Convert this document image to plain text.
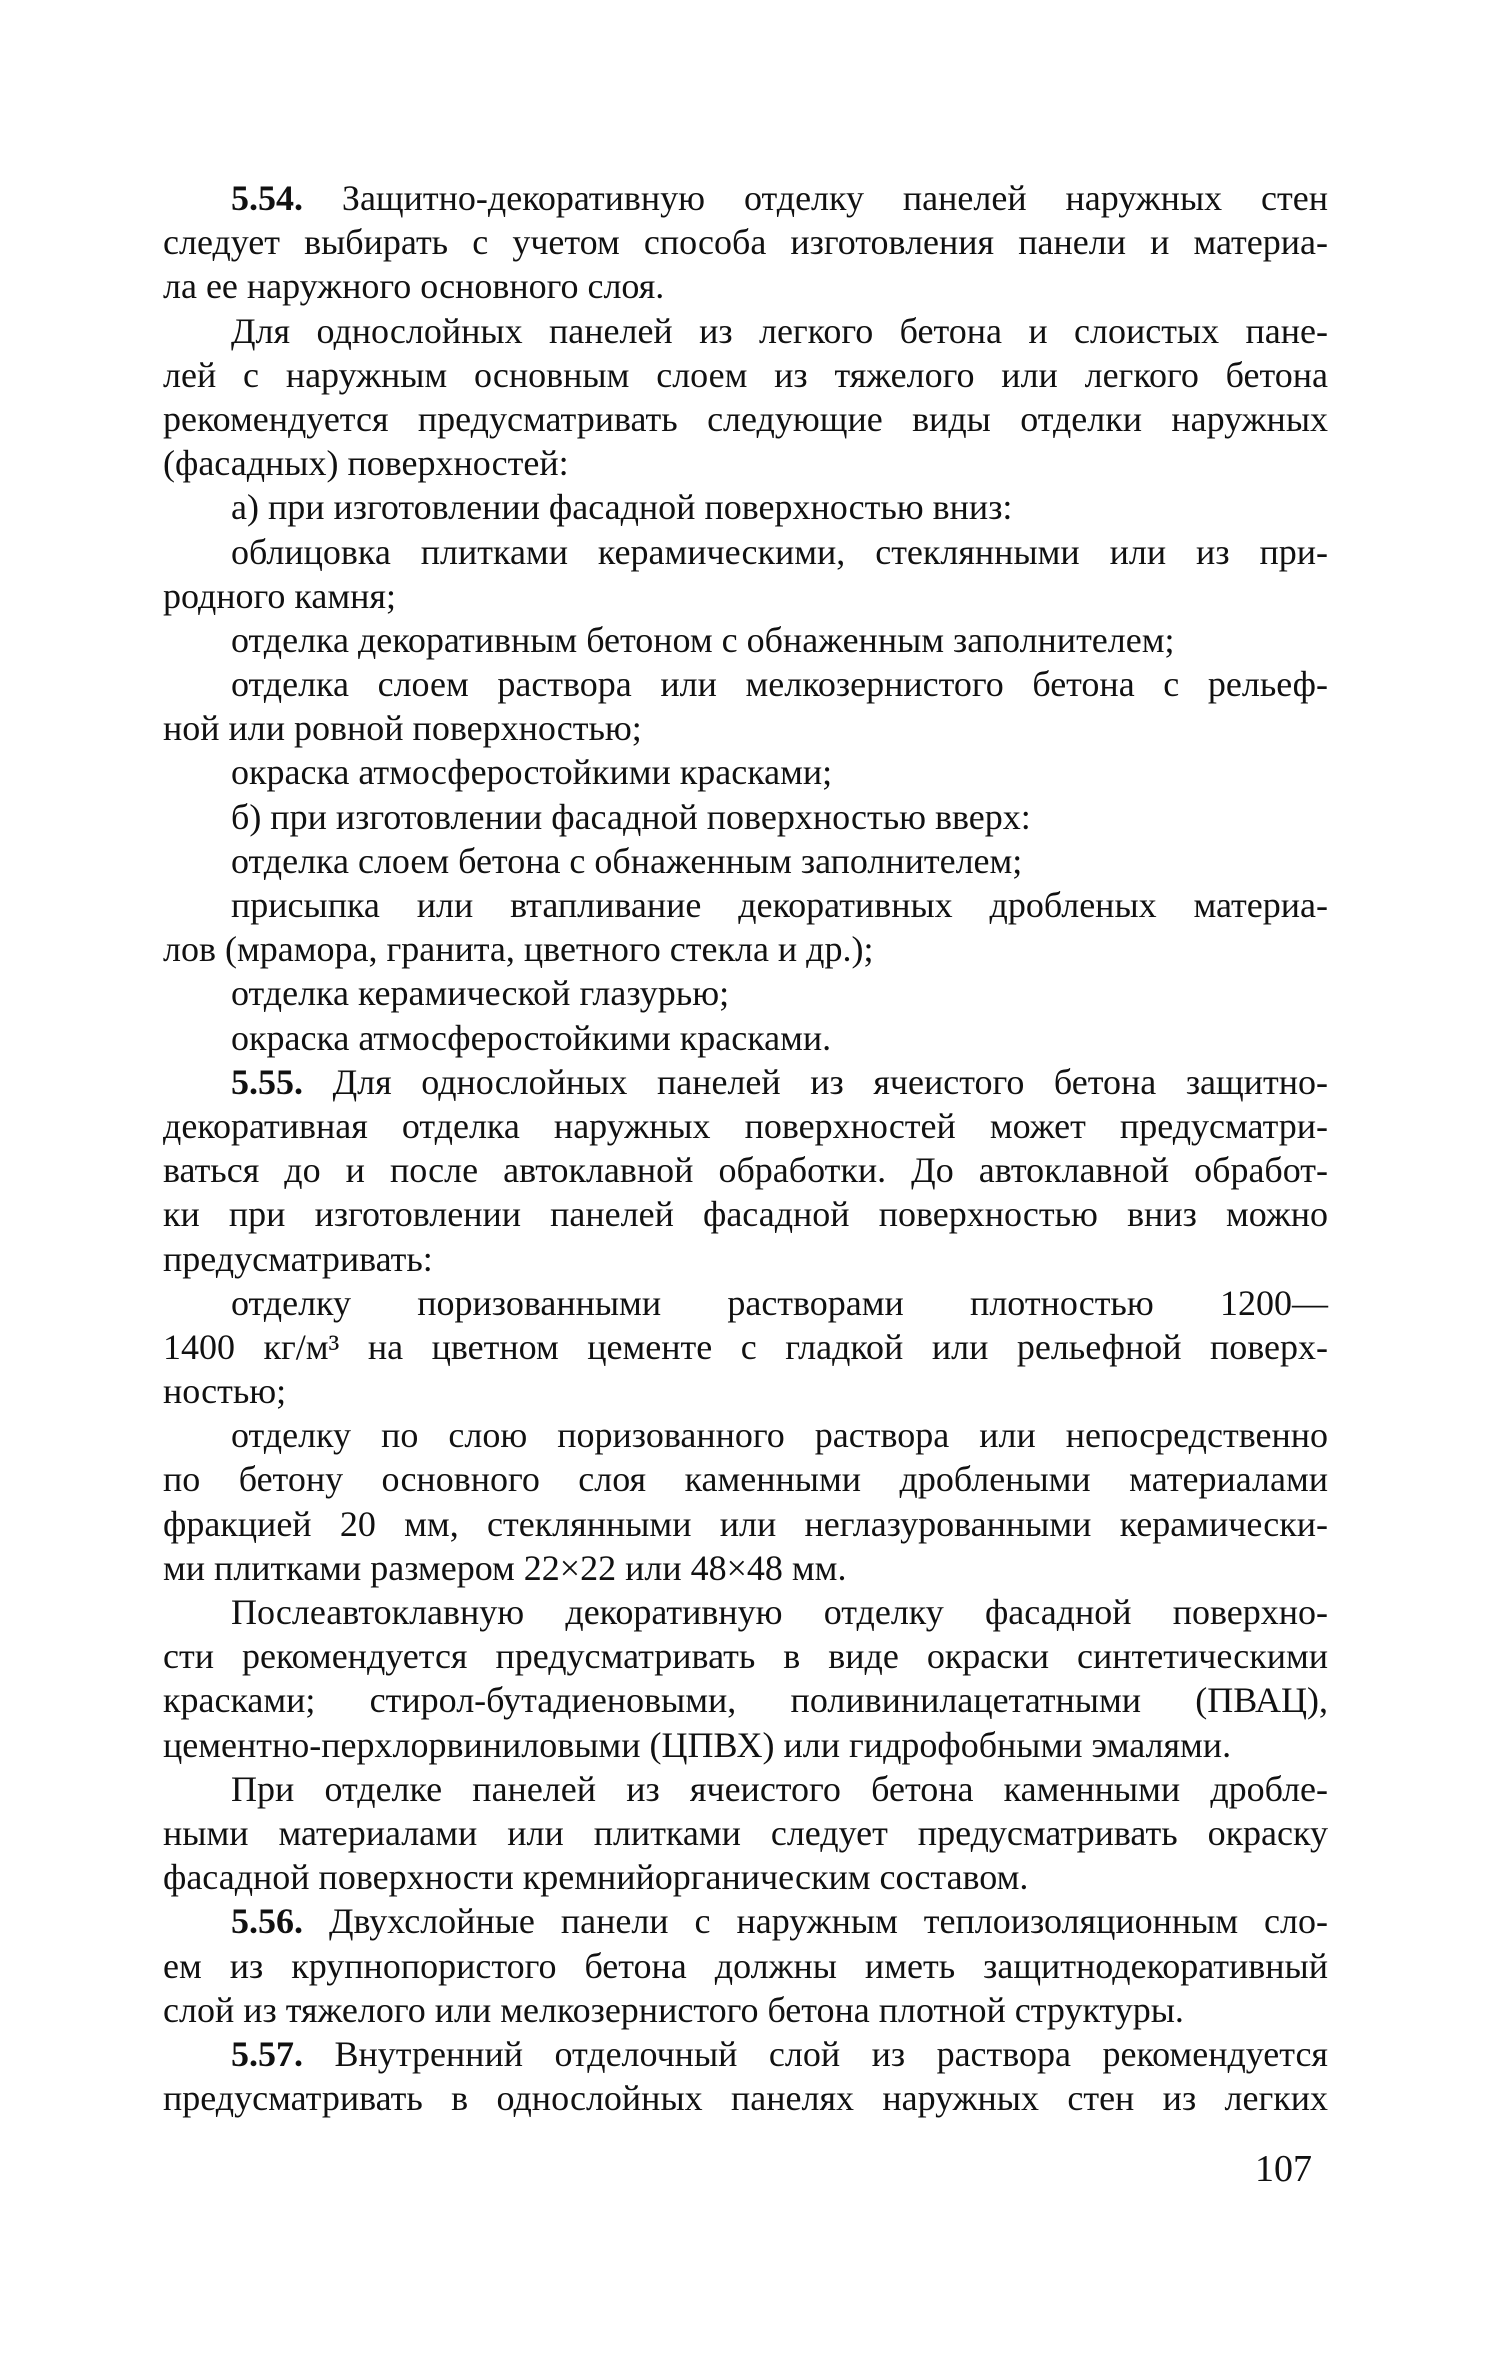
5.54. Защитно-декоративную отделку панелей наружных стен
следует выбирать с учетом способа изготовления панели и материа-
ла ее наружного основного слоя.
Для однослойных панелей из легкого бетона и слоистых пане-
лей с наружным основным слоем из тяжелого или легкого бетона
рекомендуется предусматривать следующие виды отделки наружных
(фасадных) поверхностей:
а) при изготовлении фасадной поверхностью вниз:
облицовка плитками керамическими, стеклянными или из при-
родного камня;
отделка декоративным бетоном с обнаженным заполнителем;
отделка слоем раствора или мелкозернистого бетона с рельеф-
ной или ровной поверхностью;
окраска атмосферостойкими красками;
б) при изготовлении фасадной поверхностью вверх:
отделка слоем бетона с обнаженным заполнителем;
присыпка или втапливание декоративных дробленых материа-
лов (мрамора, гранита, цветного стекла и др.);
отделка керамической глазурью;
окраска атмосферостойкими красками.
5.55. Для однослойных панелей из ячеистого бетона защитно-
декоративная отделка наружных поверхностей может предусматри-
ваться до и после автоклавной обработки. До автоклавной обработ-
ки при изготовлении панелей фасадной поверхностью вниз можно
предусматривать:
отделку поризованными растворами плотностью 1200—
1400 кг/м³ на цветном цементе с гладкой или рельефной поверх-
ностью;
отделку по слою поризованного раствора или непосредственно
по бетону основного слоя каменными дроблеными материалами
фракцией 20 мм, стеклянными или неглазурованными керамически-
ми плитками размером 22×22 или 48×48 мм.
Послеавтоклавную декоративную отделку фасадной поверхно-
сти рекомендуется предусматривать в виде окраски синтетическими
красками; стирол-бутадиеновыми, поливинилацетатными (ПВАЦ),
цементно-перхлорвиниловыми (ЦПВХ) или гидрофобными эмалями.
При отделке панелей из ячеистого бетона каменными дробле-
ными материалами или плитками следует предусматривать окраску
фасадной поверхности кремнийорганическим составом.
5.56. Двухслойные панели с наружным теплоизоляционным сло-
ем из крупнопористого бетона должны иметь защитнодекоративный
слой из тяжелого или мелкозернистого бетона плотной структуры.
5.57. Внутренний отделочный слой из раствора рекомендуется
предусматривать в однослойных панелях наружных стен из легких
107
